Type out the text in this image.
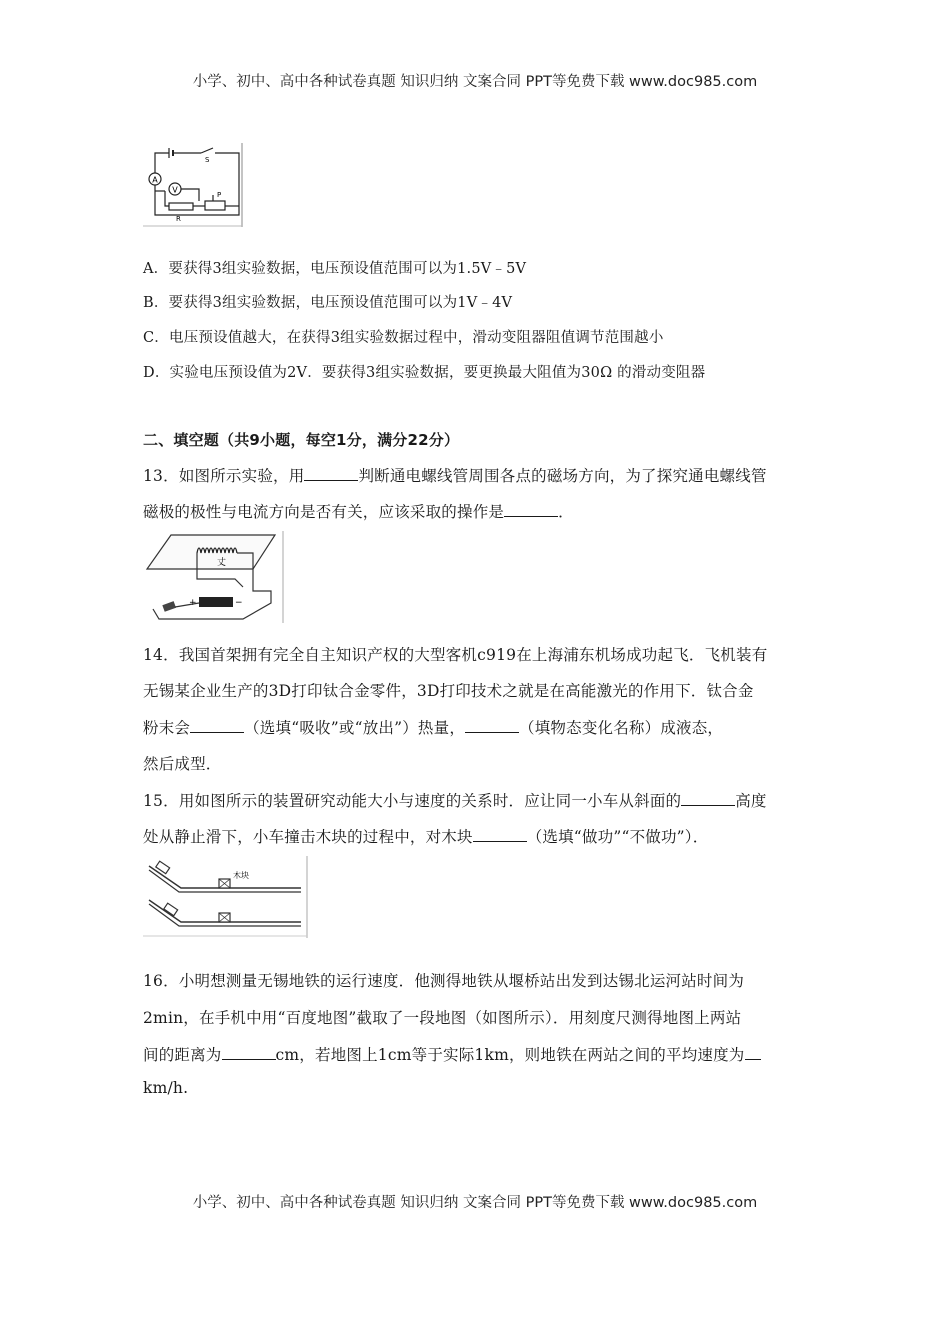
小学、初中、高中各种试卷真题 知识归纳 文案合同 PPT等免费下载 www.doc985.com
A
V
S
P
R
A．要获得3组实验数据，电压预设值范围可以为1.5V﹣5V
B．要获得3组实验数据，电压预设值范围可以为1V﹣4V
C．电压预设值越大，在获得3组实验数据过程中，滑动变阻器阻值调节范围越小
D．实验电压预设值为2V．要获得3组实验数据，要更换最大阻值为30Ω 的滑动变阻器
二、填空题（共9小题，每空1分，满分22分）
13．如图所示实验，用	判断通电螺线管周围各点的磁场方向，为了探究通电螺线管
磁极的极性与电流方向是否有关，应该采取的操作是	．
丈
+	−
14．我国首架拥有完全自主知识产权的大型客机c919在上海浦东机场成功起飞．飞机装有
无锡某企业生产的3D打印钛合金零件，3D打印技术之就是在高能激光的作用下．钛合金
粉末会	（选填“吸收”或“放出”）热量，	（填物态变化名称）成液态，
然后成型．
15．用如图所示的装置研究动能大小与速度的关系时．应让同一小车从斜面的	高度
处从静止滑下，小车撞击木块的过程中，对木块	（选填“做功”“不做功”）．
木块
16．小明想测量无锡地铁的运行速度．他测得地铁从堰桥站出发到达锡北运河站时间为
2min，在手机中用“百度地图”截取了一段地图（如图所示）．用刻度尺测得地图上两站
间的距离为	cm，若地图上1cm等于实际1km，则地铁在两站之间的平均速度为
km/h.
小学、初中、高中各种试卷真题 知识归纳 文案合同 PPT等免费下载 www.doc985.com
